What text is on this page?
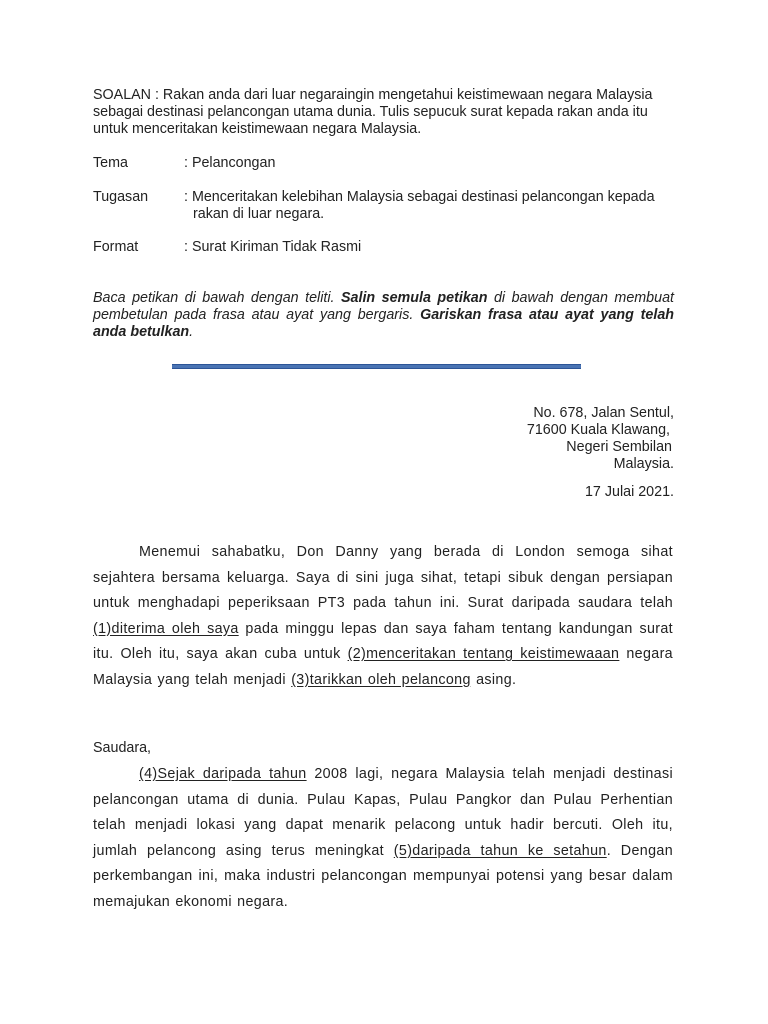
SOALAN : Rakan anda dari luar negaraingin mengetahui keistimewaan negara Malaysia sebagai destinasi pelancongan utama dunia. Tulis sepucuk surat kepada rakan anda itu untuk menceritakan keistimewaan negara Malaysia.

Tema	: Pelancongan
Tugasan	: Menceritakan kelebihan Malaysia sebagai destinasi pelancongan kepada rakan di luar negara.
Format	: Surat Kiriman Tidak Rasmi

Baca petikan di bawah dengan teliti. Salin semula petikan di bawah dengan membuat pembetulan pada frasa atau ayat yang bergaris. Gariskan frasa atau ayat yang telah anda betulkan.

No. 678, Jalan Sentul,
71600 Kuala Klawang,
Negeri Sembilan
Malaysia.
17 Julai 2021.

Menemui sahabatku, Don Danny yang berada di London semoga sihat sejahtera bersama keluarga. Saya di sini juga sihat, tetapi sibuk dengan persiapan untuk menghadapi peperiksaan PT3 pada tahun ini. Surat daripada saudara telah (1)diterima oleh saya pada minggu lepas dan saya faham tentang kandungan surat itu. Oleh itu, saya akan cuba untuk (2)menceritakan tentang keistimewaaan negara Malaysia yang telah menjadi (3)tarikkan oleh pelancong asing.

Saudara,

(4)Sejak daripada tahun 2008 lagi, negara Malaysia telah menjadi destinasi pelancongan utama di dunia. Pulau Kapas, Pulau Pangkor dan Pulau Perhentian telah menjadi lokasi yang dapat menarik pelacong untuk hadir bercuti. Oleh itu, jumlah pelancong asing terus meningkat (5)daripada tahun ke setahun. Dengan perkembangan ini, maka industri pelancongan mempunyai potensi yang besar dalam memajukan ekonomi negara.
